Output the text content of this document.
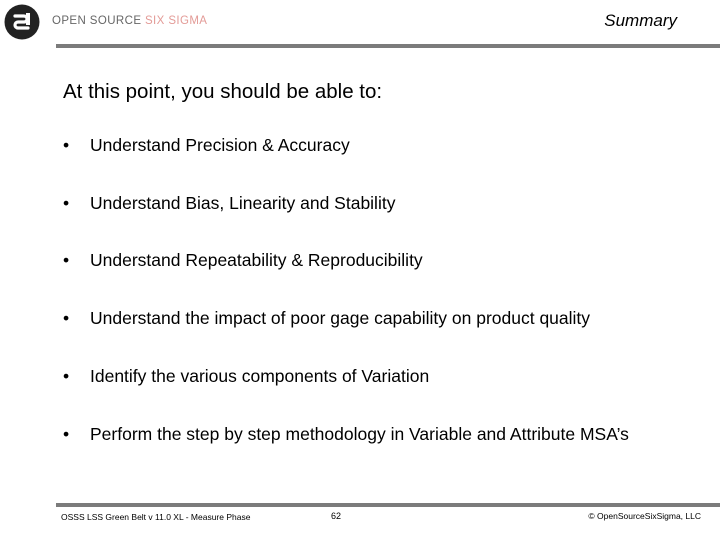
OPEN SOURCE SIX SIGMA	Summary
At this point, you should be able to:
•	Understand Precision & Accuracy
•	Understand Bias, Linearity and Stability
•	Understand Repeatability & Reproducibility
•	Understand the impact of poor gage capability on product quality
•	Identify the various components of Variation
•	Perform the step by step methodology in Variable and Attribute MSA’s
OSSS LSS Green Belt v 11.0 XL - Measure Phase	62	© OpenSourceSixSigma, LLC
